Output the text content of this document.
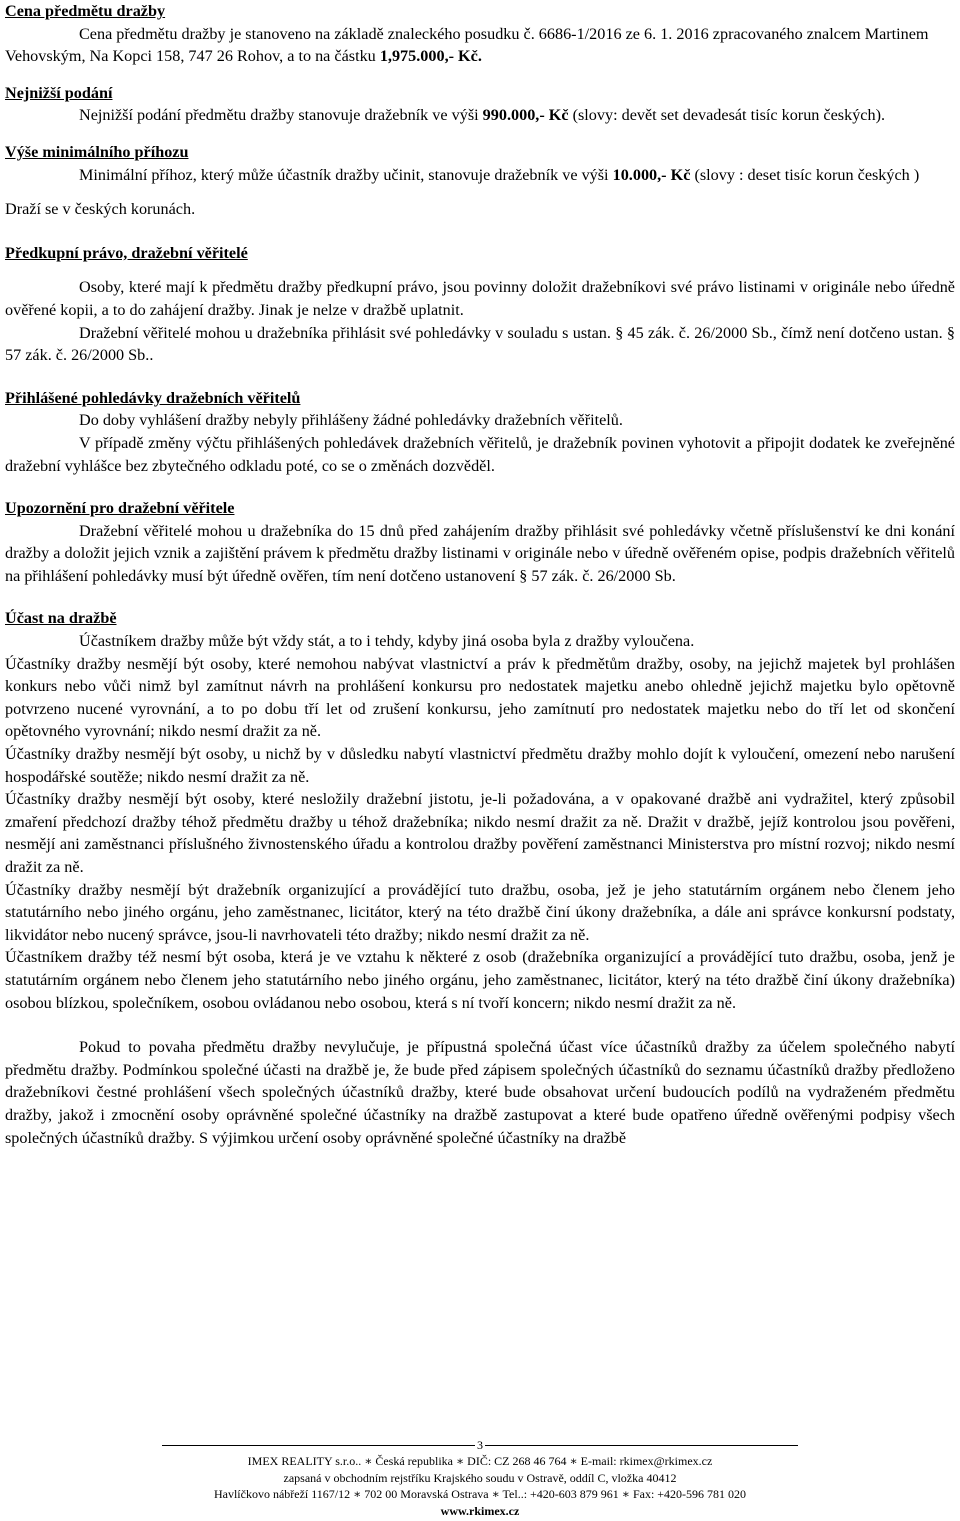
Cena předmětu dražby
Cena předmětu dražby je stanoveno na základě znaleckého posudku č. 6686-1/2016 ze 6. 1. 2016 zpracovaného znalcem Martinem Vehovským, Na Kopci 158, 747 26 Rohov, a to na částku 1,975.000,- Kč.
Nejnižší podání
Nejnižší podání předmětu dražby stanovuje dražebník ve výši 990.000,- Kč (slovy: devět set devadesát tisíc korun českých).
Výše minimálního příhozu
Minimální příhoz, který může účastník dražby učinit, stanovuje dražebník ve výši 10.000,- Kč (slovy : deset tisíc korun českých )
Draží se v českých korunách.
Předkupní právo, dražební věřitelé
Osoby, které mají k předmětu dražby předkupní právo, jsou povinny doložit dražebníkovi své právo listinami v originále nebo úředně ověřené kopii, a to do zahájení dražby. Jinak je nelze v dražbě uplatnit.
Dražební věřitelé mohou u dražebníka přihlásit své pohledávky v souladu s ustan. § 45 zák. č. 26/2000 Sb., čímž není dotčeno ustan. § 57 zák. č. 26/2000 Sb..
Přihlášené pohledávky dražebních věřitelů
Do doby vyhlášení dražby nebyly přihlášeny žádné pohledávky dražebních věřitelů.
V případě změny výčtu přihlášených pohledávek dražebních věřitelů, je dražebník povinen vyhotovit a připojit dodatek ke zveřejněné dražební vyhlášce bez zbytečného odkladu poté, co se o změnách dozvěděl.
Upozornění pro dražební věřitele
Dražební věřitelé mohou u dražebníka do 15 dnů před zahájením dražby přihlásit své pohledávky včetně příslušenství ke dni konání dražby a doložit jejich vznik a zajištění právem k předmětu dražby listinami v originále nebo v úředně ověřeném opise, podpis dražebních věřitelů na přihlášení pohledávky musí být úředně ověřen, tím není dotčeno ustanovení § 57 zák. č. 26/2000 Sb.
Účast na dražbě
Účastníkem dražby může být vždy stát, a to i tehdy, kdyby jiná osoba byla z dražby vyloučena.
Účastníky dražby nesmějí být osoby, které nemohou nabývat vlastnictví a práv k předmětům dražby, osoby, na jejichž majetek byl prohlášen konkurs nebo vůči nimž byl zamítnut návrh na prohlášení konkursu pro nedostatek majetku anebo ohledně jejichž majetku bylo opětovně potvrzeno nucené vyrovnání, a to po dobu tří let od zrušení konkursu, jeho zamítnutí pro nedostatek majetku nebo do tří let od skončení opětovného vyrovnání; nikdo nesmí dražit za ně.
Účastníky dražby nesmějí být osoby, u nichž by v důsledku nabytí vlastnictví předmětu dražby mohlo dojít k vyloučení, omezení nebo narušení hospodářské soutěže; nikdo nesmí dražit za ně.
Účastníky dražby nesmějí být osoby, které nesložily dražební jistotu, je-li požadována, a v opakované dražbě ani vydražitel, který způsobil zmaření předchozí dražby téhož předmětu dražby u téhož dražebníka; nikdo nesmí dražit za ně. Dražit v dražbě, jejíž kontrolou jsou pověřeni, nesmějí ani zaměstnanci příslušného živnostenského úřadu a kontrolou dražby pověření zaměstnanci Ministerstva pro místní rozvoj; nikdo nesmí dražit za ně.
Účastníky dražby nesmějí být dražebník organizující a provádějící tuto dražbu, osoba, jež je jeho statutárním orgánem nebo členem jeho statutárního nebo jiného orgánu, jeho zaměstnanec, licitátor, který na této dražbě činí úkony dražebníka, a dále ani správce konkursní podstaty, likvidátor nebo nucený správce, jsou-li navrhovateli této dražby; nikdo nesmí dražit za ně.
Účastníkem dražby též nesmí být osoba, která je ve vztahu k některé z osob (dražebníka organizující a provádějící tuto dražbu, osoba, jenž je statutárním orgánem nebo členem jeho statutárního nebo jiného orgánu, jeho zaměstnanec, licitátor, který na této dražbě činí úkony dražebníka) osobou blízkou, společníkem, osobou ovládanou nebo osobou, která s ní tvoří koncern; nikdo nesmí dražit za ně.
Pokud to povaha předmětu dražby nevylučuje, je přípustná společná účast více účastníků dražby za účelem společného nabytí předmětu dražby. Podmínkou společné účasti na dražbě je, že bude před zápisem společných účastníků do seznamu účastníků dražby předloženo dražebníkovi čestné prohlášení všech společných účastníků dražby, které bude obsahovat určení budoucích podílů na vydraženém předmětu dražby, jakož i zmocnění osoby oprávněné společné účastníky na dražbě zastupovat a které bude opatřeno úředně ověřenými podpisy všech společných účastníků dražby. S výjimkou určení osoby oprávněné společné účastníky na dražbě
3
IMEX REALITY s.r.o.. ∗ Česká republika ∗ DIČ: CZ 268 46 764 ∗ E-mail: rkimex@rkimex.cz
zapsaná v obchodním rejstříku Krajského soudu v Ostravě, oddíl C, vložka 40412
Havlíčkovo nábřeží 1167/12 ∗ 702 00 Moravská Ostrava ∗ Tel..: +420-603 879 961 ∗ Fax: +420-596 781 020
www.rkimex.cz
